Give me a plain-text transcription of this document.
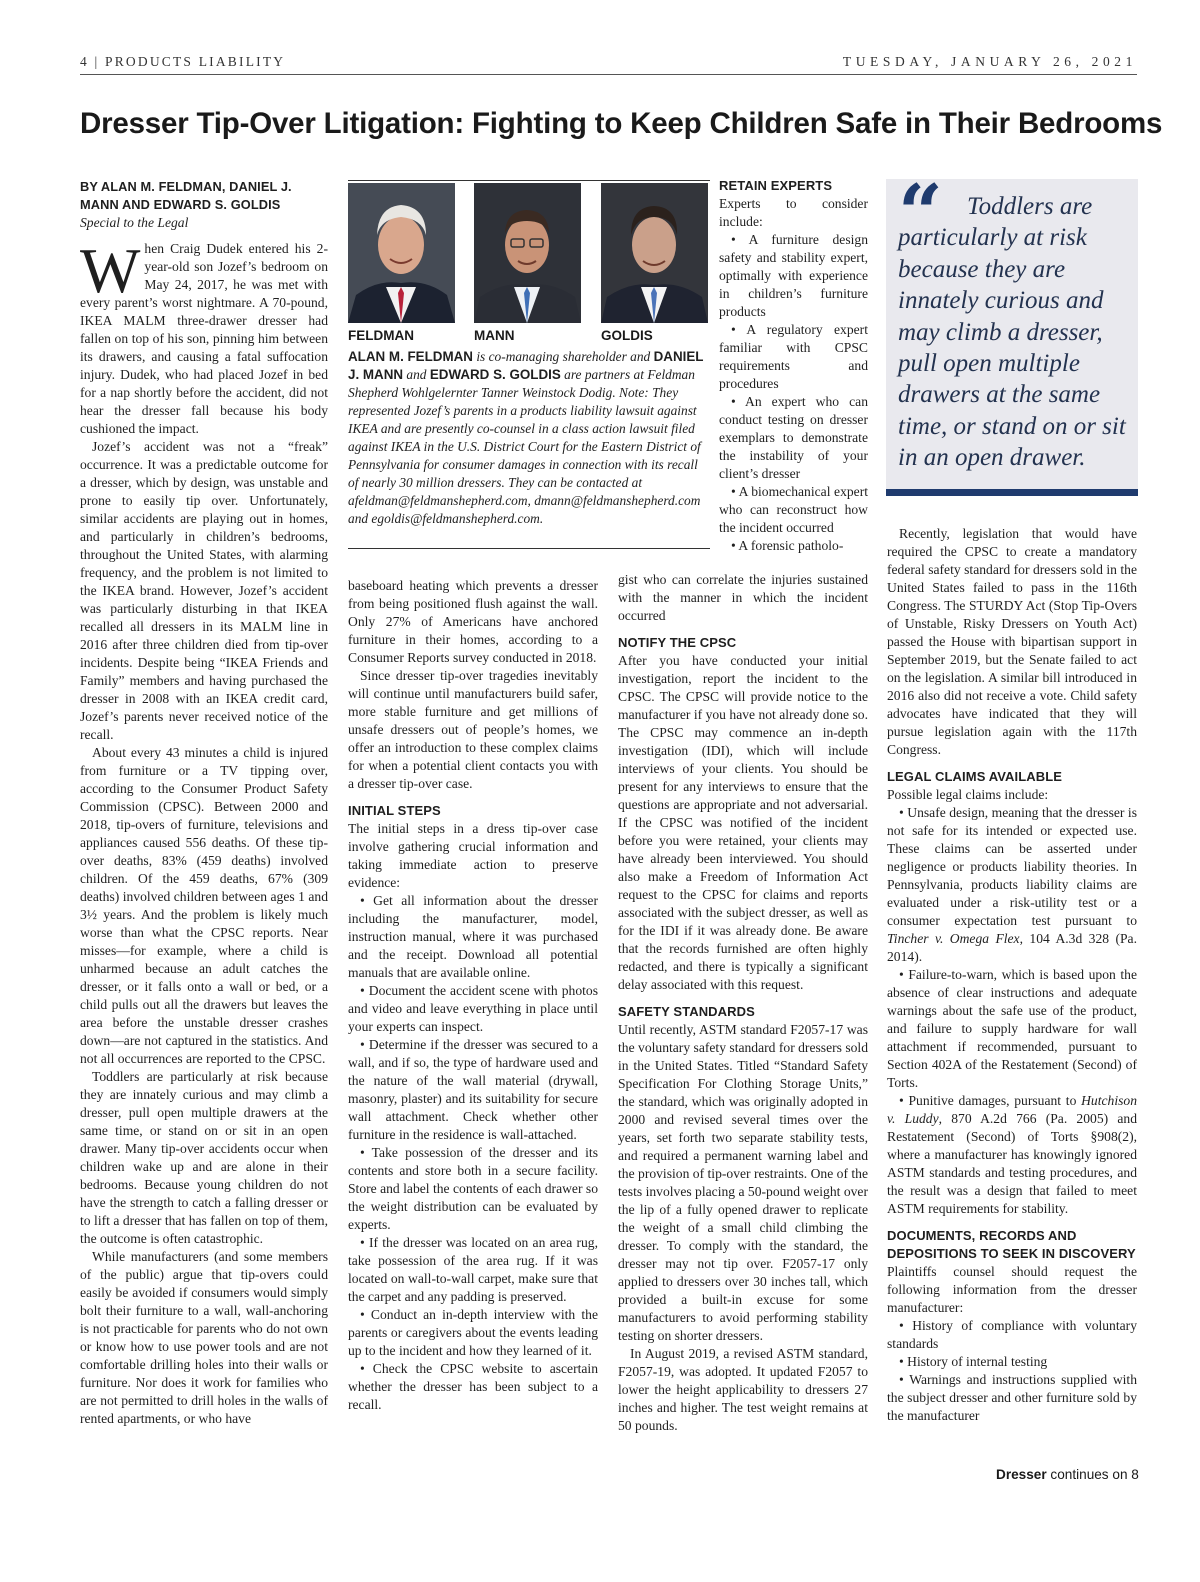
4 | PRODUCTS LIABILITY	TUESDAY, JANUARY 26, 2021
Dresser Tip-Over Litigation: Fighting to Keep Children Safe in Their Bedrooms
BY ALAN M. FELDMAN, DANIEL J. MANN AND EDWARD S. GOLDIS
Special to the Legal

When Craig Dudek entered his 2-year-old son Jozef’s bedroom on May 24, 2017, he was met with every parent’s worst nightmare. A 70-pound, IKEA MALM three-drawer dresser had fallen on top of his son, pinning him between its drawers, and causing a fatal suffocation injury. Dudek, who had placed Jozef in bed for a nap shortly before the accident, did not hear the dresser fall because his body cushioned the impact.

Jozef’s accident was not a “freak” occurrence. It was a predictable outcome for a dresser, which by design, was unstable and prone to easily tip over. Unfortunately, similar accidents are playing out in homes, and particularly in children’s bedrooms, throughout the United States, with alarming frequency, and the problem is not limited to the IKEA brand. However, Jozef’s accident was particularly disturbing in that IKEA recalled all dressers in its MALM line in 2016 after three children died from tip-over incidents. Despite being “IKEA Friends and Family” members and having purchased the dresser in 2008 with an IKEA credit card, Jozef’s parents never received notice of the recall.

About every 43 minutes a child is injured from furniture or a TV tipping over, according to the Consumer Product Safety Commission (CPSC). Between 2000 and 2018, tip-overs of furniture, televisions and appliances caused 556 deaths. Of these tip-over deaths, 83% (459 deaths) involved children. Of the 459 deaths, 67% (309 deaths) involved children between ages 1 and 3½ years. And the problem is likely much worse than what the CPSC reports. Near misses—for example, where a child is unharmed because an adult catches the dresser, or it falls onto a wall or bed, or a child pulls out all the drawers but leaves the area before the unstable dresser crashes down—are not captured in the statistics. And not all occurrences are reported to the CPSC.

Toddlers are particularly at risk because they are innately curious and may climb a dresser, pull open multiple drawers at the same time, or stand on or sit in an open drawer. Many tip-over accidents occur when children wake up and are alone in their bedrooms. Because young children do not have the strength to catch a falling dresser or to lift a dresser that has fallen on top of them, the outcome is often catastrophic.

While manufacturers (and some members of the public) argue that tip-overs could easily be avoided if consumers would simply bolt their furniture to a wall, wall-anchoring is not practicable for parents who do not own or know how to use power tools and are not comfortable drilling holes into their walls or furniture. Nor does it work for families who are not permitted to drill holes in the walls of rented apartments, or who have

FELDMAN	MANN	GOLDIS
ALAN M. FELDMAN is co-managing shareholder and DANIEL J. MANN and EDWARD S. GOLDIS are partners at Feldman Shepherd Wohlgelernter Tanner Weinstock Dodig. Note: They represented Jozef’s parents in a products liability lawsuit against IKEA and are presently co-counsel in a class action lawsuit filed against IKEA in the U.S. District Court for the Eastern District of Pennsylvania for consumer damages in connection with its recall of nearly 30 million dressers. They can be contacted at afeldman@feldmanshepherd.com, dmann@feldmanshepherd.com and egoldis@feldmanshepherd.com.

baseboard heating which prevents a dresser from being positioned flush against the wall. Only 27% of Americans have anchored furniture in their homes, according to a Consumer Reports survey conducted in 2018.

Since dresser tip-over tragedies inevitably will continue until manufacturers build safer, more stable furniture and get millions of unsafe dressers out of people’s homes, we offer an introduction to these complex claims for when a potential client contacts you with a dresser tip-over case.

INITIAL STEPS

The initial steps in a dress tip-over case involve gathering crucial information and taking immediate action to preserve evidence:

• Get all information about the dresser including the manufacturer, model, instruction manual, where it was purchased and the receipt. Download all potential manuals that are available online.

• Document the accident scene with photos and video and leave everything in place until your experts can inspect.

• Determine if the dresser was secured to a wall, and if so, the type of hardware used and the nature of the wall material (drywall, masonry, plaster) and its suitability for secure wall attachment. Check whether other furniture in the residence is wall-attached.

• Take possession of the dresser and its contents and store both in a secure facility. Store and label the contents of each drawer so the weight distribution can be evaluated by experts.

• If the dresser was located on an area rug, take possession of the area rug. If it was located on wall-to-wall carpet, make sure that the carpet and any padding is preserved.

• Conduct an in-depth interview with the parents or caregivers about the events leading up to the incident and how they learned of it.

• Check the CPSC website to ascertain whether the dresser has been subject to a recall.

RETAIN EXPERTS

Experts to consider include:

• A furniture design safety and stability expert, optimally with experience in children’s furniture products

• A regulatory expert familiar with CPSC requirements and procedures

• An expert who can conduct testing on dresser exemplars to demonstrate the instability of your client’s dresser

• A biomechanical expert who can reconstruct how the incident occurred

• A forensic patholo-

gist who can correlate the injuries sustained with the manner in which the incident occurred

NOTIFY THE CPSC

After you have conducted your initial investigation, report the incident to the CPSC. The CPSC will provide notice to the manufacturer if you have not already done so. The CPSC may commence an in-depth investigation (IDI), which will include interviews of your clients. You should be present for any interviews to ensure that the questions are appropriate and not adversarial. If the CPSC was notified of the incident before you were retained, your clients may have already been interviewed. You should also make a Freedom of Information Act request to the CPSC for claims and reports associated with the subject dresser, as well as for the IDI if it was already done. Be aware that the records furnished are often highly redacted, and there is typically a significant delay associated with this request.

SAFETY STANDARDS

Until recently, ASTM standard F2057-17 was the voluntary safety standard for dressers sold in the United States. Titled “Standard Safety Specification For Clothing Storage Units,” the standard, which was originally adopted in 2000 and revised several times over the years, set forth two separate stability tests, and required a permanent warning label and the provision of tip-over restraints. One of the tests involves placing a 50-pound weight over the lip of a fully opened drawer to replicate the weight of a small child climbing the dresser. To comply with the standard, the dresser may not tip over. F2057-17 only applied to dressers over 30 inches tall, which provided a built-in excuse for some manufacturers to avoid performing stability testing on shorter dressers.

In August 2019, a revised ASTM standard, F2057-19, was adopted. It updated F2057 to lower the height applicability to dressers 27 inches and higher. The test weight remains at 50 pounds.

“ Toddlers are particularly at risk because they are innately curious and may climb a dresser, pull open multiple drawers at the same time, or stand on or sit in an open drawer.

Recently, legislation that would have required the CPSC to create a mandatory federal safety standard for dressers sold in the United States failed to pass in the 116th Congress. The STURDY Act (Stop Tip-Overs of Unstable, Risky Dressers on Youth Act) passed the House with bipartisan support in September 2019, but the Senate failed to act on the legislation. A similar bill introduced in 2016 also did not receive a vote. Child safety advocates have indicated that they will pursue legislation again with the 117th Congress.

LEGAL CLAIMS AVAILABLE

Possible legal claims include:

• Unsafe design, meaning that the dresser is not safe for its intended or expected use. These claims can be asserted under negligence or products liability theories. In Pennsylvania, products liability claims are evaluated under a risk-utility test or a consumer expectation test pursuant to Tincher v. Omega Flex, 104 A.3d 328 (Pa. 2014).

• Failure-to-warn, which is based upon the absence of clear instructions and adequate warnings about the safe use of the product, and failure to supply hardware for wall attachment if recommended, pursuant to Section 402A of the Restatement (Second) of Torts.

• Punitive damages, pursuant to Hutchison v. Luddy, 870 A.2d 766 (Pa. 2005) and Restatement (Second) of Torts §908(2), where a manufacturer has knowingly ignored ASTM standards and testing procedures, and the result was a design that failed to meet ASTM requirements for stability.

DOCUMENTS, RECORDS AND DEPOSITIONS TO SEEK IN DISCOVERY

Plaintiffs counsel should request the following information from the dresser manufacturer:

• History of compliance with voluntary standards

• History of internal testing

• Warnings and instructions supplied with the subject dresser and other furniture sold by the manufacturer

Dresser continues on 8
